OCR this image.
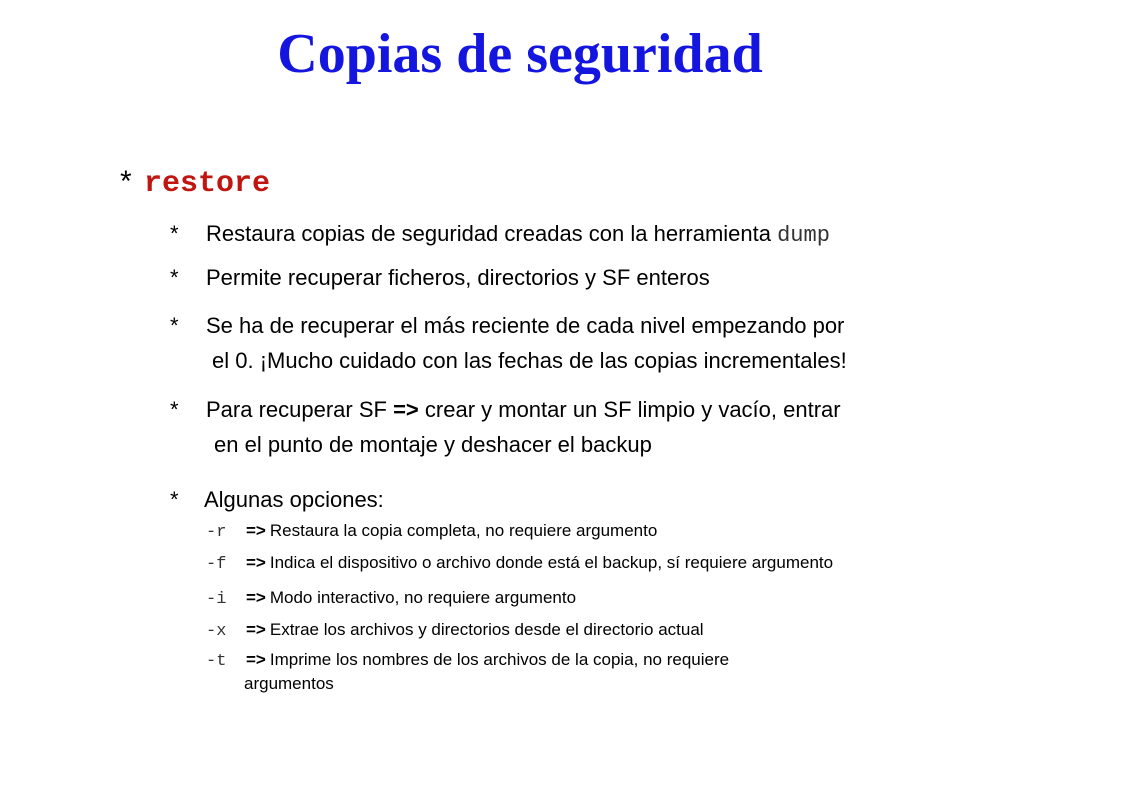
Copias de seguridad
* restore
* Restaura copias de seguridad creadas con la herramienta dump
* Permite recuperar ficheros, directorios y SF enteros
* Se ha de recuperar el más reciente de cada nivel empezando por
el 0. ¡Mucho cuidado con las fechas de las copias incrementales!
* Para recuperar SF => crear y montar un SF limpio y vacío, entrar
en el punto de montaje y deshacer el backup
* Algunas opciones:
-r => Restaura la copia completa, no requiere argumento
-f => Indica el dispositivo o archivo donde está el backup, sí requiere argumento
-i => Modo interactivo, no requiere argumento
-x => Extrae los archivos y directorios desde el directorio actual
-t => Imprime los nombres de los archivos de la copia, no requiere
argumentos
